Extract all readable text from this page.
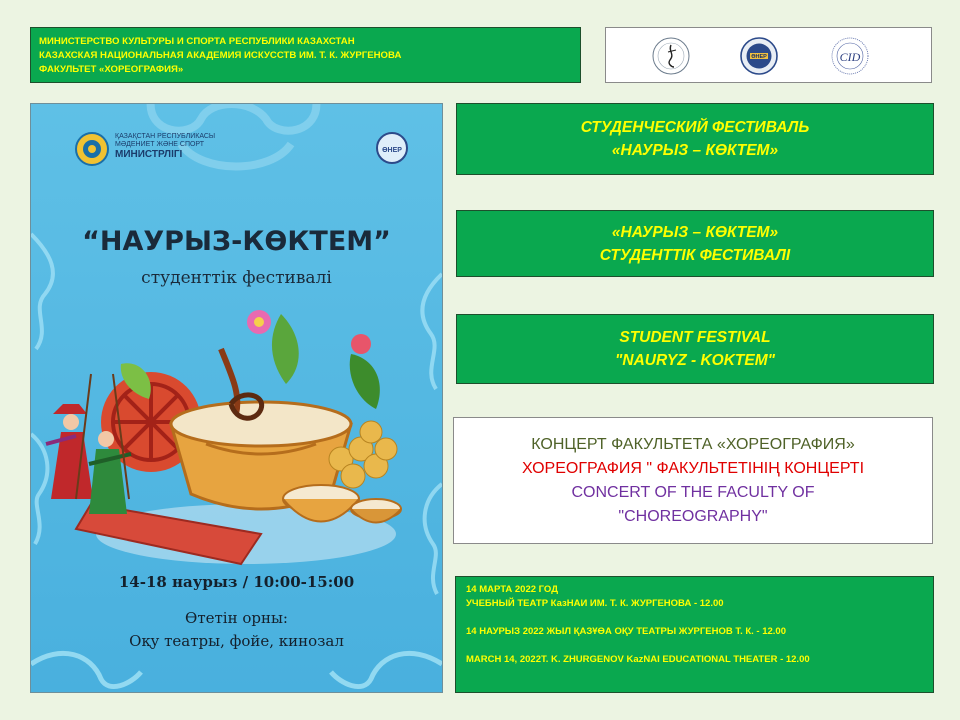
МИНИСТЕРСТВО КУЛЬТУРЫ И СПОРТА РЕСПУБЛИКИ КАЗАХСТАН
КАЗАХСКАЯ НАЦИОНАЛЬНАЯ АКАДЕМИЯ ИСКУССТВ ИМ. Т. К. ЖУРГЕНОВА
ФАКУЛЬТЕТ «ХОРЕОГРАФИЯ»
ӨНЕР	CID
ӨНЕР
ҚАЗАҚСТАН РЕСПУБЛИКАСЫ
МӘДЕНИЕТ ЖӘНЕ СПОРТ
МИНИСТРЛІГІ
“НАУРЫЗ-КӨКТЕМ”
студенттік фестивалі
14-18 наурыз / 10:00-15:00
Өтетін орны:
Оқу театры, фойе, кинозал
СТУДЕНЧЕСКИЙ ФЕСТИВАЛЬ
«НАУРЫЗ – КӨКТЕМ»
«НАУРЫЗ – КӨКТЕМ»
СТУДЕНТТІК ФЕСТИВАЛІ
STUDENT FESTIVAL
"NAURYZ - KOKTEM"
КОНЦЕРТ ФАКУЛЬТЕТА «ХОРЕОГРАФИЯ»
ХОРЕОГРАФИЯ " ФАКУЛЬТЕТІНІҢ КОНЦЕРТІ
CONCERT OF THE FACULTY OF
"CHOREOGRAPHY"
14 МАРТА 2022 ГОД
УЧЕБНЫЙ ТЕАТР КазНАИ ИМ. Т. К. ЖУРГЕНОВА - 12.00
14 НАУРЫЗ 2022 ЖЫЛ ҚАЗҰӨА ОҚУ ТЕАТРЫ ЖУРГЕНОВ Т. К. - 12.00
MARCH 14, 2022T. K. ZHURGENOV KazNAI EDUCATIONAL THEATER - 12.00
